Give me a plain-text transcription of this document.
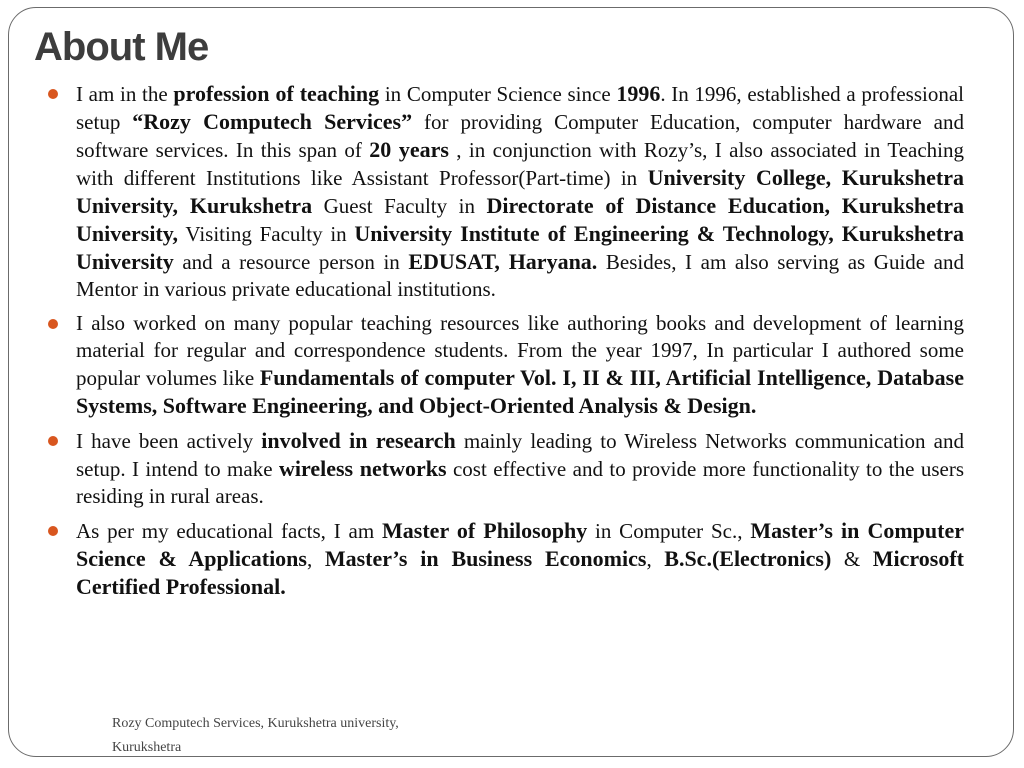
About Me
I am in the profession of teaching in Computer Science since 1996. In 1996, established a professional setup “Rozy Computech Services” for providing Computer Education, computer hardware and software services. In this span of 20 years , in conjunction with Rozy’s, I also associated in Teaching with different Institutions like Assistant Professor(Part-time) in University College, Kurukshetra University, Kurukshetra Guest Faculty in Directorate of Distance Education, Kurukshetra University, Visiting Faculty in University Institute of Engineering & Technology, Kurukshetra University and a resource person in EDUSAT, Haryana. Besides, I am also serving as Guide and Mentor in various private educational institutions.
I also worked on many popular teaching resources like authoring books and development of learning material for regular and correspondence students. From the year 1997, In particular I authored some popular volumes like Fundamentals of computer Vol. I, II & III, Artificial Intelligence, Database Systems, Software Engineering, and Object-Oriented Analysis & Design.
I have been actively involved in research mainly leading to Wireless Networks communication and setup. I intend to make wireless networks cost effective and to provide more functionality to the users residing in rural areas.
As per my educational facts, I am Master of Philosophy in Computer Sc., Master’s in Computer Science & Applications, Master’s in Business Economics, B.Sc.(Electronics) & Microsoft Certified Professional.
Rozy Computech Services, Kurukshetra university,
Kurukshetra
